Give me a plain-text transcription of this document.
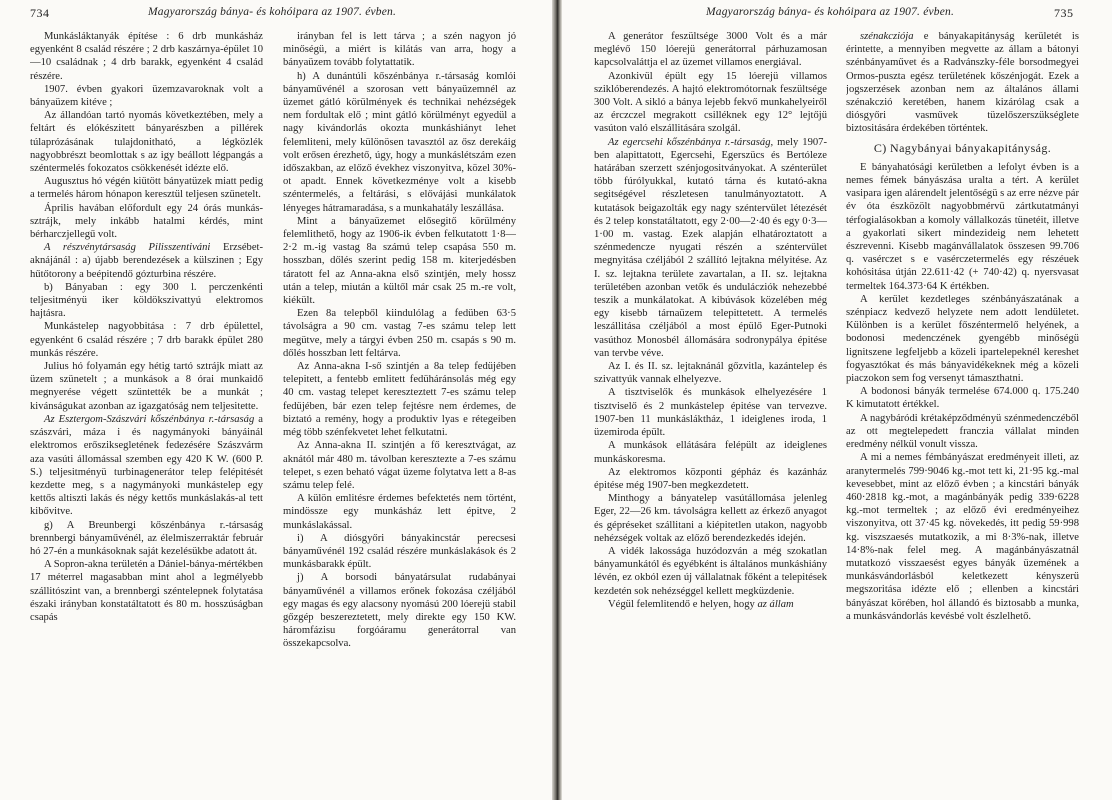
734	Magyarország bánya- és kohóipara az 1907. évben.

Munkásláktanyák építése : 6 drb munkásház egyenként 8 család részére ; 2 drb kaszárnya-épület 10—10 családnak ; 4 drb barakk, egyenként 4 család részére.

1907. évben gyakori üzemzavaroknak volt a bányaüzem kitéve ;

Az állandóan tartó nyomás következtében, mely a feltárt és elókészitett bányarészben a pillérek túlaprózásának tulajdonitható, a légközlék nagyobbrészt beomlottak s az igy beállott légpangás a széntermelés fokozatos csökkenését idézte elő.

Augusztus hó végén kiütött bányatüzek miatt pedig a termelés három hónapon keresztül teljesen szünetelt.

Április havában előfordult egy 24 órás munkás-sztrájk, mely inkább hatalmi kérdés, mint bérharczjellegű volt.

A részvénytársaság Pilisszentiváni Erzsébet-aknájánál : a) újabb berendezések a külszinen ; Egy hűtőtorony a beépitendő gózturbina részére.

b) Bányaban : egy 300 l. perczenkénti teljesitményü iker köldökszivattyú elektromos hajtásra.

Munkástelep nagyobbitása : 7 drb épülettel, egyenként 6 család részére ; 7 drb barakk épület 280 munkás részére.

Julius hó folyamán egy hétig tartó sztrájk miatt az üzem szünetelt ; a munkások a 8 órai munkaidő megnyerése végett szüntették be a munkát ; kivánságukat azonban az igazgatóság nem teljesitette.

Az Esztergom-Szászvári kőszénbánya r.-társaság a szászvári, máza i és nagymányoki bányáinál elektromos erősziksegletének fedezésére Szászvárm aza vasúti állomással szemben egy 420 K W. (600 P. S.) teljesitményü turbinagenerátor telep felépitését kezdette meg, s a nagymányoki munkástelep egy kettős altiszti lakás és négy kettős munkáslakás-al tett kibővitve.

g) A Breunbergi kőszénbánya r.-társaság brennbergi bányaművénél, az élelmiszerraktár február hó 27-én a munkásoknak saját kezelésükbe adatott át.

A Sopron-akna területén a Dániel-bánya-mértékben 17 méterrel magasabban mint ahol a legmélyebb szállitószint van, a brennbergi széntelepnek folytatása északi irányban konstatáltatott és 80 m. hosszúságban csapás

irányban fel is lett tárva ; a szén nagyon jó minőségü, a miért is kilátás van arra, hogy a bányaüzem tovább folytattatik.

h) A dunántúli kőszénbánya r.-társaság komlói bányaművénél a szorosan vett bányaüzemnél az üzemet gátló körülmények és technikai nehézségek nem fordultak elő ; mint gátló körülményt egyedül a nagy kivándorlás okozta munkáshiányt lehet felemliteni, mely különösen tavasztól az ősz derekáig volt erősen érezhető, úgy, hogy a munkáslétszám ezen időszakban, az előző évekhez viszonyitva, közel 30%-ot apadt. Ennek következménye volt a kisebb széntermelés, a feltárási, s elővájási munkálatok lényeges hátramaradása, s a munkahatály leszállása.

Mint a bányaüzemet elősegitő körülmény felemlithető, hogy az 1906-ik évben felkutatott 1·8—2·2 m.-ig vastag 8a számú telep csapása 550 m. hosszban, dőlés szerint pedig 158 m. kiterjedésben táratott fel az Anna-akna első szintjén, mely hossz után a telep, miután a kültől már csak 25 m.-re volt, kiékült.

Ezen 8a telepből kiindulólag a fedüben 63·5 távolságra a 90 cm. vastag 7-es számu telep lett megütve, mely a tárgyi évben 250 m. csapás s 90 m. dőlés hosszban lett feltárva.

Az Anna-akna I-ső szintjén a 8a telep fedüjében telepitett, a fentebb emlitett fedüháránsolás még egy 40 cm. vastag telepet kereszteztett 7-es számu telep fedüjében, bár ezen telep fejtésre nem érdemes, de biztató a remény, hogy a produktiv lyas e rétegeiben még több szénfekvetet lehet felkutatni.

Az Anna-akna II. szintjén a fő keresztvágat, az aknától már 480 m. távolban keresztezte a 7-es számu telepet, s ezen beható vágat üzeme folytatva lett a 8-as számu telep felé.

A külön emlitésre érdemes befektetés nem történt, mindössze egy munkásház lett épitve, 2 munkáslakással.

i) A diósgyőri bányakincstár perecsesi bányaművénél 192 család részére munkáslakások és 2 munkásbarakk épült.

j) A borsodi bányatársulat rudabányai bányaművénél a villamos erőnek fokozása czéljából egy magas és egy alacsony nyomású 200 lóerejü stabil gőzgép beszereztetett, mely direkte egy 150 KW. háromfázisu forgóáramu generátorral van összekapcsolva.

Magyarország bánya- és kohóipara az 1907. évben.	735

A generátor feszültsége 3000 Volt és a már meglévő 150 lóerejü generátorral párhuzamosan kapcsolvaláttja el az üzemet villamos energiával.

Azonkivül épült egy 15 lóerejü villamos sziklóberendezés. A hajtó elektromótornak feszültsége 300 Volt. A sikló a bánya lejebb fekvő munkahelyeiről az érczczel megrakott csilléknek egy 12° lejtőjü vasúton való elszállitására szolgál.

Az egercsehi kőszénbánya r.-társaság, mely 1907-ben alapittatott, Egercsehi, Egerszücs és Bertóleze határában szerzett szénjogositványokat. A szénterület több fúrólyukkal, kutató tárna és kutató-akna segitségével részletesen tanulmányoztatott. A kutatások beigazolták egy nagy széntervület létezését és 2 telep konstatáltatott, egy 2·00—2·40 és egy 0·3—1·00 m. vastag. Ezek alapján elhatároztatott a szénmedencze nyugati részén a széntervület megnyitása czéljából 2 szállító lejtakna mélyitése. Az I. sz. lejtakna területe zavartalan, a II. sz. lejtakna területében azonban vetők és undulácziók nehezebbé teszik a munkálatokat. A kibúvások közelében még egy kisebb tárnaüzem telepittetett. A termelés leszállitása czéljából a most épülő Eger-Putnoki vasúthoz Monosbél állomására sodronypálya épitése van tervbe véve.

Az I. és II. sz. lejtaknánál gőzvitla, kazántelep és szivattyúk vannak elhelyezve.

A tisztviselők és munkások elhelyezésére 1 tisztviselő és 2 munkástelep épitése van tervezve. 1907-ben 11 munkásláktház, 1 ideiglenes iroda, 1 üzemiroda épült.

A munkások ellátására felépült az ideiglenes munkáskoresma.

Az elektromos központi gépház és kazánház épitése még 1907-ben megkezdetett.

Minthogy a bányatelep vasútállomása jelenleg Eger, 22—26 km. távolságra kellett az érkező anyagot és gépréseket szállitani a kiépitetlen utakon, nagyobb nehézségek voltak az előző berendezkedés idején.

A vidék lakossága huzódozván a még szokatlan bányamunkától és egyébként is általános munkáshiány lévén, ez okból ezen új vállalatnak főként a telepitések kezdetén sok nehézséggel kellett megküzdenie.

Végül felemlitendő e helyen, hogy az állam

szénakcziója e bányakapitányság kerületét is érintette, a mennyiben megvette az állam a bátonyi szénbányaművet és a Radvánszky-féle borsodmegyei Ormos-puszta egész területének kőszénjogát. Ezek a jogszerzések azonban nem az általános állami szénakczió keretében, hanem kizárólag csak a diósgyőri vasművek tüzelőszerszükséglete biztositására érdekében történtek.

C) Nagybányai bányakapitányság.

E bányahatósági kerületben a lefolyt évben is a nemes fémek bányászása uralta a tért. A kerület vasipara igen alárendelt jelentőségü s az erre nézve pár év óta észközölt nagyobbmérvü zártkutatmányi térfogialásokban a komoly vállalkozás tünetéit, illetve a gyakorlati sikert mindezideig nem lehetett észrevenni. Kisebb magánvállalatok összesen 99.706 q. vasérczet s e vasérczetermelés egy részéuek kohósitása útján 22.611·42 (+ 740·42) q. nyersvasat termeltek 164.373·64 K értékben.

A kerület kezdetleges szénbányászatának a szénpiacz kedvező helyzete nem adott lendületet. Különben is a kerület főszéntermelő helyének, a bodonosi medenczének gyengébb minőségü lignitszene legfeljebb a közeli ipartelepeknél kereshet fogyasztókat és más bányavidékeknek még a közeli piaczokon sem fog versenyt támaszthatni.

A bodonosi bányák termelése 674.000 q. 175.240 K kimutatott értékkel.

A nagybáródi krétaképződményü szénmedenczéből az ott megtelepedett franczia vállalat minden eredmény nélkül vonult vissza.

A mi a nemes fémbányászat eredményeit illeti, az aranytermelés 799·9046 kg.-mot tett ki, 21·95 kg.-mal kevesebbet, mint az előző évben ; a kincstári bányák 460·2818 kg.-mot, a magánbányák pedig 339·6228 kg.-mot termeltek ; az előző évi eredményeihez viszonyitva, ott 37·45 kg. növekedés, itt pedig 59·998 kg. viszszaesés mutatkozik, a mi 8·3%-nak, illetve 14·8%-nak felel meg. A magánbányászatnál mutatkozó visszaesést egyes bányák üzemének a munkásvándorlásból keletkezett kényszerü megszoritása idézte elő ; ellenben a kincstári bányászat körében, hol állandó és biztosabb a munka, a munkásvándorlás kevésbé volt észlelhető.
